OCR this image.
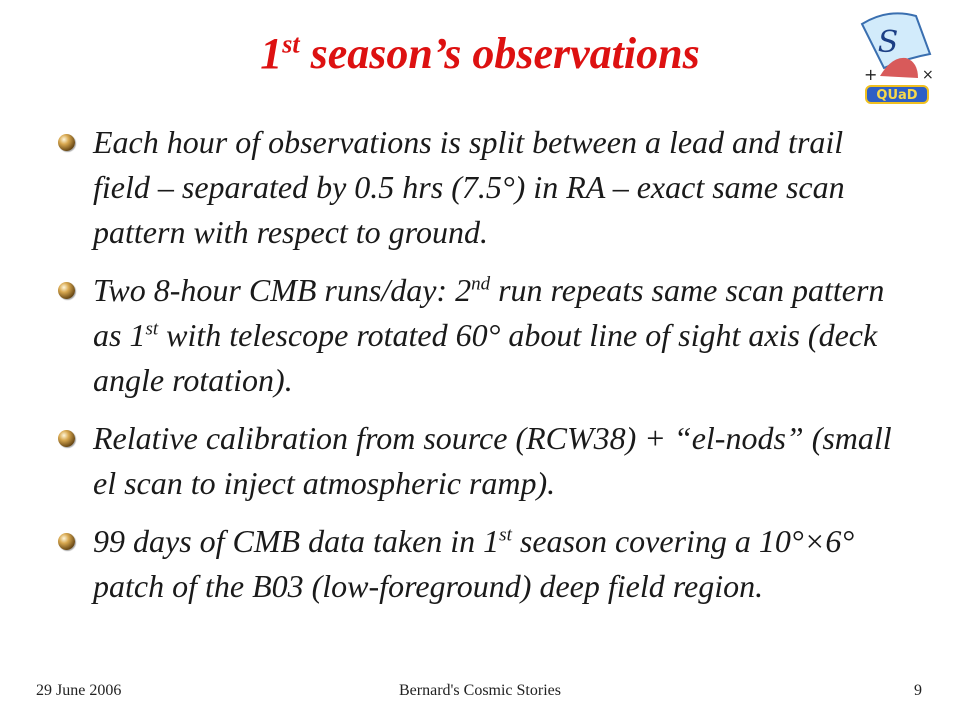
1st season’s observations	S
+	×
QUaD
Each hour of observations is split between a lead and trail field – separated by 0.5 hrs (7.5°) in RA – exact same scan pattern with respect to ground.
Two 8-hour CMB runs/day: 2nd run repeats same scan pattern as 1st with telescope rotated 60° about line of sight axis (deck angle rotation).
Relative calibration from source (RCW38) + “el-nods” (small el scan to inject atmospheric ramp).
99 days of CMB data taken in 1st season covering a 10°×6° patch of the B03 (low-foreground) deep field region.
29 June 2006	Bernard's Cosmic Stories	9
